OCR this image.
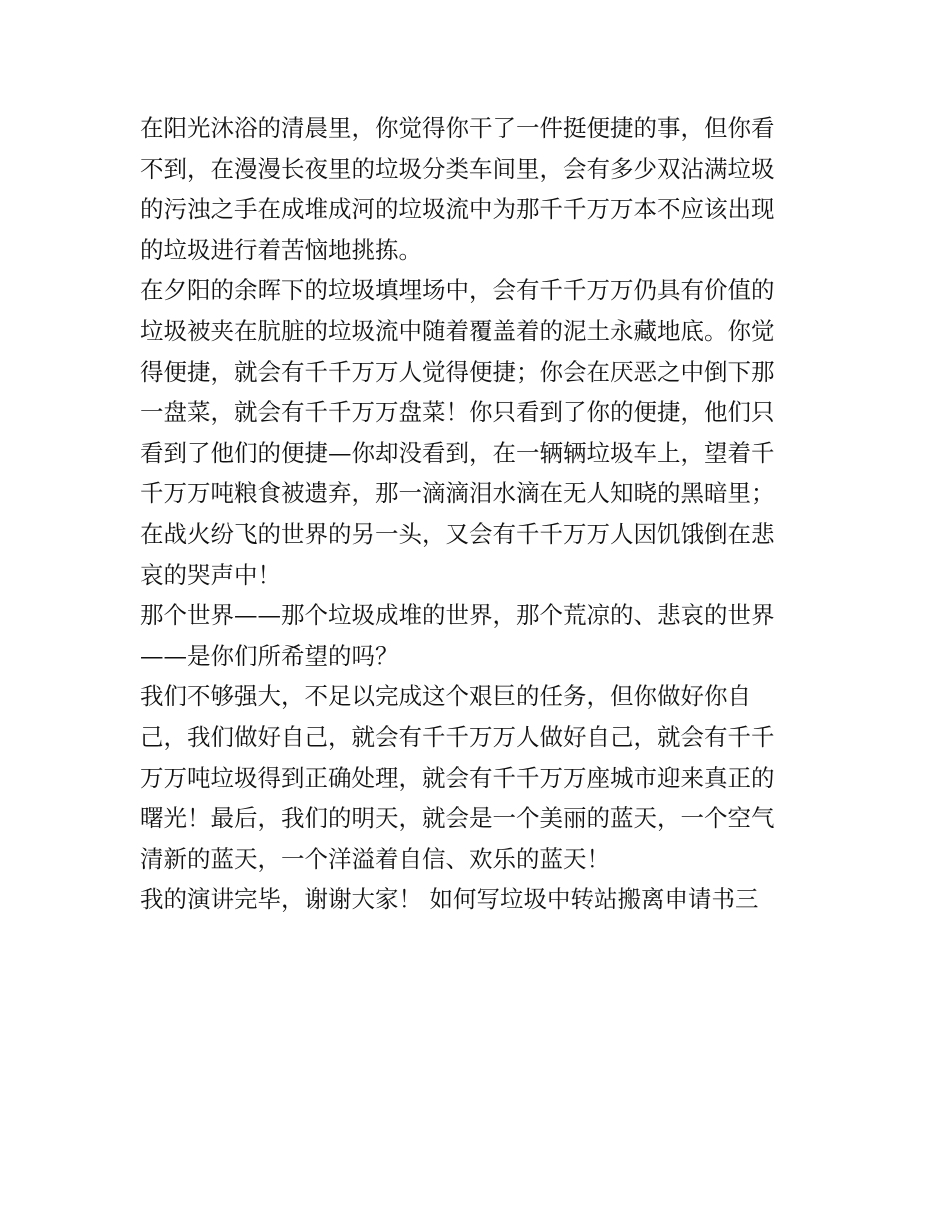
在阳光沐浴的清晨里，你觉得你干了一件挺便捷的事，但你看
不到，在漫漫长夜里的垃圾分类车间里，会有多少双沾满垃圾
的污浊之手在成堆成河的垃圾流中为那千千万万本不应该出现
的垃圾进行着苦恼地挑拣。
在夕阳的余晖下的垃圾填埋场中，会有千千万万仍具有价值的
垃圾被夹在肮脏的垃圾流中随着覆盖着的泥土永藏地底。你觉
得便捷，就会有千千万万人觉得便捷；你会在厌恶之中倒下那
一盘菜，就会有千千万万盘菜！你只看到了你的便捷，他们只
看到了他们的便捷—你却没看到，在一辆辆垃圾车上，望着千
千万万吨粮食被遗弃，那一滴滴泪水滴在无人知晓的黑暗里；
在战火纷飞的世界的另一头，又会有千千万万人因饥饿倒在悲
哀的哭声中！
那个世界——那个垃圾成堆的世界，那个荒凉的、悲哀的世界
——是你们所希望的吗？
我们不够强大，不足以完成这个艰巨的任务，但你做好你自
己，我们做好自己，就会有千千万万人做好自己，就会有千千
万万吨垃圾得到正确处理，就会有千千万万座城市迎来真正的
曙光！最后，我们的明天，就会是一个美丽的蓝天，一个空气
清新的蓝天，一个洋溢着自信、欢乐的蓝天！
我的演讲完毕，谢谢大家！ 如何写垃圾中转站搬离申请书三
